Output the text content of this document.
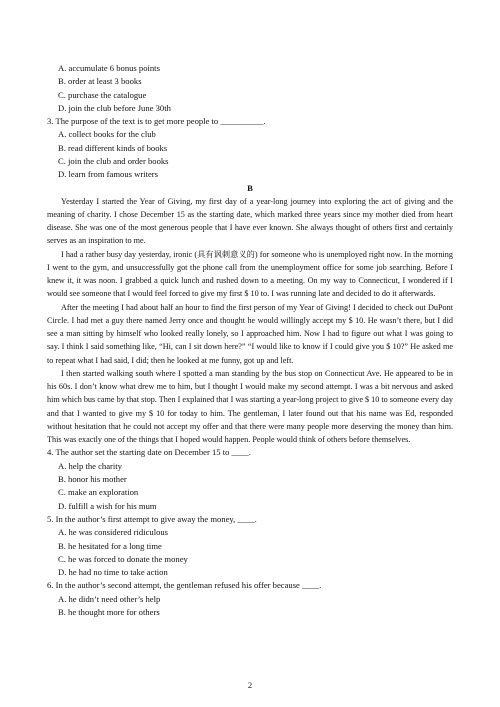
A. accumulate 6 bonus points
B. order at least 3 books
C. purchase the catalogue
D. join the club before June 30th
3. The purpose of the text is to get more people to __________.
A. collect books for the club
B. read different kinds of books
C. join the club and order books
D. learn from famous writers
B

Yesterday I started the Year of Giving, my first day of a year-long journey into exploring the act of giving and the meaning of charity. I chose December 15 as the starting date, which marked three years since my mother died from heart disease. She was one of the most generous people that I have ever known. She always thought of others first and certainly serves as an inspiration to me.

I had a rather busy day yesterday, ironic (具有讽刺意义的) for someone who is unemployed right now. In the morning I went to the gym, and unsuccessfully got the phone call from the unemployment office for some job searching. Before I knew it, it was noon. I grabbed a quick lunch and rushed down to a meeting. On my way to Connecticut, I wondered if I would see someone that I would feel forced to give my first $ 10 to. I was running late and decided to do it afterwards.

After the meeting I had about half an hour to find the first person of my Year of Giving! I decided to check out DuPont Circle. I had met a guy there named Jerry once and thought he would willingly accept my $ 10. He wasn’t there, but I did see a man sitting by himself who looked really lonely, so I approached him. Now I had to figure out what I was going to say. I think I said something like, “Hi, can I sit down here?” “I would like to know if I could give you $ 10?” He asked me to repeat what I had said, I did; then he looked at me funny, got up and left.

I then started walking south where I spotted a man standing by the bus stop on Connecticut Ave. He appeared to be in his 60s. I don’t know what drew me to him, but I thought I would make my second attempt. I was a bit nervous and asked him which bus came by that stop. Then I explained that I was starting a year-long project to give $ 10 to someone every day and that I wanted to give my $ 10 for today to him. The gentleman, I later found out that his name was Ed, responded without hesitation that he could not accept my offer and that there were many people more deserving the money than him. This was exactly one of the things that I hoped would happen. People would think of others before themselves.

4. The author set the starting date on December 15 to ____.
A. help the charity
B. honor his mother
C. make an exploration
D. fulfill a wish for his mum
5. In the author’s first attempt to give away the money, ____.
A. he was considered ridiculous
B. he hesitated for a long time
C. he was forced to donate the money
D. he had no time to take action
6. In the author’s second attempt, the gentleman refused his offer because ____.
A. he didn’t need other’s help
B. he thought more for others
2
